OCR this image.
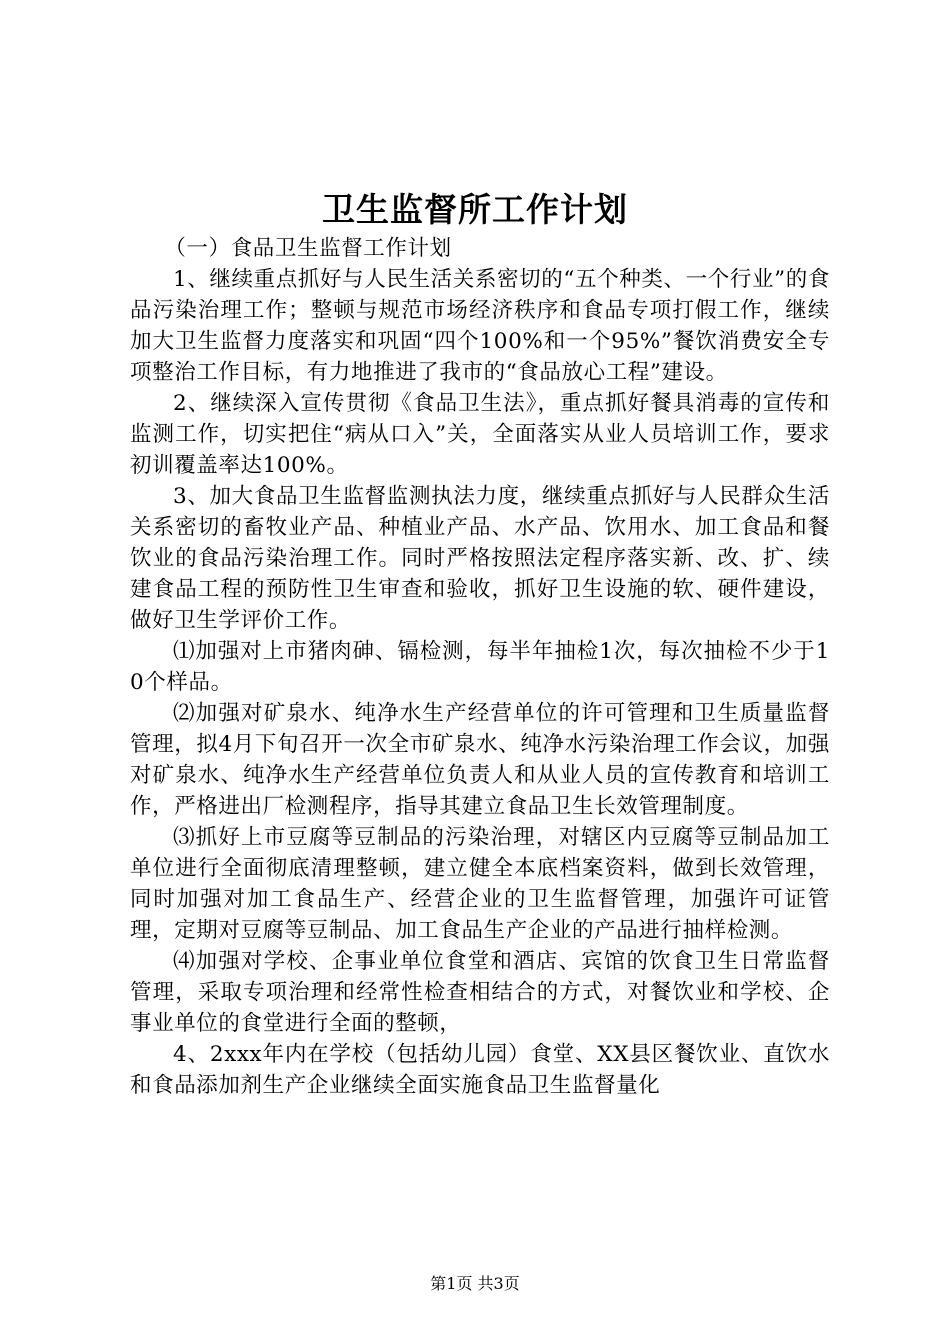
卫生监督所工作计划

（一）食品卫生监督工作计划

1、继续重点抓好与人民生活关系密切的“五个种类、一个行业”的食品污染治理工作；整顿与规范市场经济秩序和食品专项打假工作，继续加大卫生监督力度落实和巩固“四个100%和一个95%”餐饮消费安全专项整治工作目标，有力地推进了我市的“食品放心工程”建设。

2、继续深入宣传贯彻《食品卫生法》，重点抓好餐具消毒的宣传和监测工作，切实把住“病从口入”关，全面落实从业人员培训工作，要求初训覆盖率达100%。

3、加大食品卫生监督监测执法力度，继续重点抓好与人民群众生活关系密切的畜牧业产品、种植业产品、水产品、饮用水、加工食品和餐饮业的食品污染治理工作。同时严格按照法定程序落实新、改、扩、续建食品工程的预防性卫生审查和验收，抓好卫生设施的软、硬件建设，做好卫生学评价工作。

⑴加强对上市猪肉砷、镉检测，每半年抽检1次，每次抽检不少于10个样品。

⑵加强对矿泉水、纯净水生产经营单位的许可管理和卫生质量监督管理，拟4月下旬召开一次全市矿泉水、纯净水污染治理工作会议，加强对矿泉水、纯净水生产经营单位负责人和从业人员的宣传教育和培训工作，严格进出厂检测程序，指导其建立食品卫生长效管理制度。

⑶抓好上市豆腐等豆制品的污染治理，对辖区内豆腐等豆制品加工单位进行全面彻底清理整顿，建立健全本底档案资料，做到长效管理，同时加强对加工食品生产、经营企业的卫生监督管理，加强许可证管理，定期对豆腐等豆制品、加工食品生产企业的产品进行抽样检测。

⑷加强对学校、企事业单位食堂和酒店、宾馆的饮食卫生日常监督管理，采取专项治理和经常性检查相结合的方式，对餐饮业和学校、企事业单位的食堂进行全面的整顿，

4、2xxx年内在学校（包括幼儿园）食堂、XX县区餐饮业、直饮水和食品添加剂生产企业继续全面实施食品卫生监督量化

第1页 共3页
